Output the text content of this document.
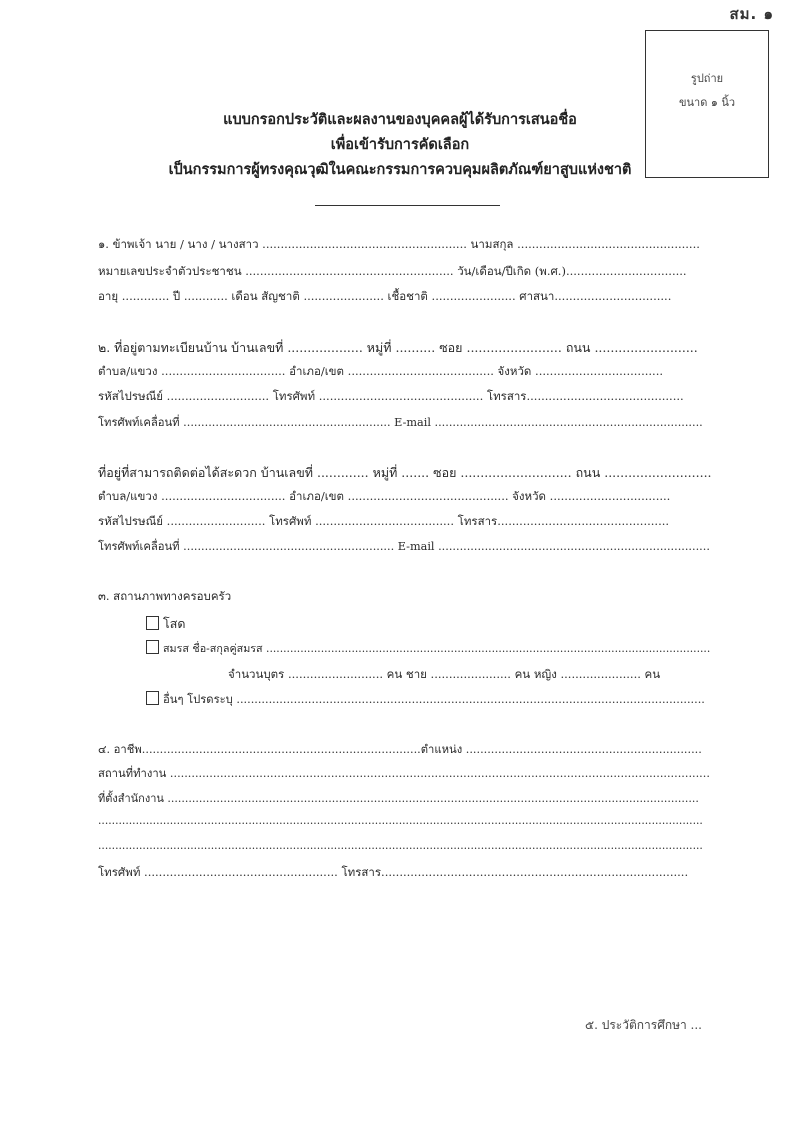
สม. ๑
รูปถ่าย
ขนาด ๑ นิ้ว
แบบกรอกประวัติและผลงานของบุคคลผู้ได้รับการเสนอชื่อ
เพื่อเข้ารับการคัดเลือก
เป็นกรรมการผู้ทรงคุณวุฒิในคณะกรรมการควบคุมผลิตภัณฑ์ยาสูบแห่งชาติ
๑. ข้าพเจ้า นาย / นาง / นางสาว ........................................................ นามสกุล ..................................................
หมายเลขประจำตัวประชาชน ......................................................... วัน/เดือน/ปีเกิด (พ.ศ.).................................
อายุ ............. ปี ............ เดือน สัญชาติ ...................... เชื้อชาติ ....................... ศาสนา................................
๒. ที่อยู่ตามทะเบียนบ้าน บ้านเลขที่ ................... หมู่ที่ .......... ซอย ........................ ถนน ..........................
ตำบล/แขวง .................................. อำเภอ/เขต ........................................ จังหวัด ...................................
รหัสไปรษณีย์ ............................ โทรศัพท์ ............................................. โทรสาร...........................................
โทรศัพท์เคลื่อนที่ .......................................................... E-mail ...........................................................................
ที่อยู่ที่สามารถติดต่อได้สะดวก บ้านเลขที่ ............. หมู่ที่ ....... ซอย ............................ ถนน ...........................
ตำบล/แขวง .................................. อำเภอ/เขต ............................................ จังหวัด .................................
รหัสไปรษณีย์ ........................... โทรศัพท์ ...................................... โทรสาร...............................................
โทรศัพท์เคลื่อนที่ ........................................................... E-mail ............................................................................
๓. สถานภาพทางครอบครัว
โสด
สมรส ชื่อ-สกุลคู่สมรส ..................................................................................................................................
จำนวนบุตร .......................... คน ชาย ...................... คน หญิง ...................... คน
อื่นๆ โปรดระบุ ...................................................................................................................................
๔. อาชีพ..............................................................................ตำแหน่ง ..................................................................
สถานที่ทำงาน .......................................................................................................................................................
ที่ตั้งสำนักงาน ........................................................................................................................................................
.................................................................................................................................................................................
.................................................................................................................................................................................
โทรศัพท์ ..................................................... โทรสาร....................................................................................
๕. ประวัติการศึกษา ...
